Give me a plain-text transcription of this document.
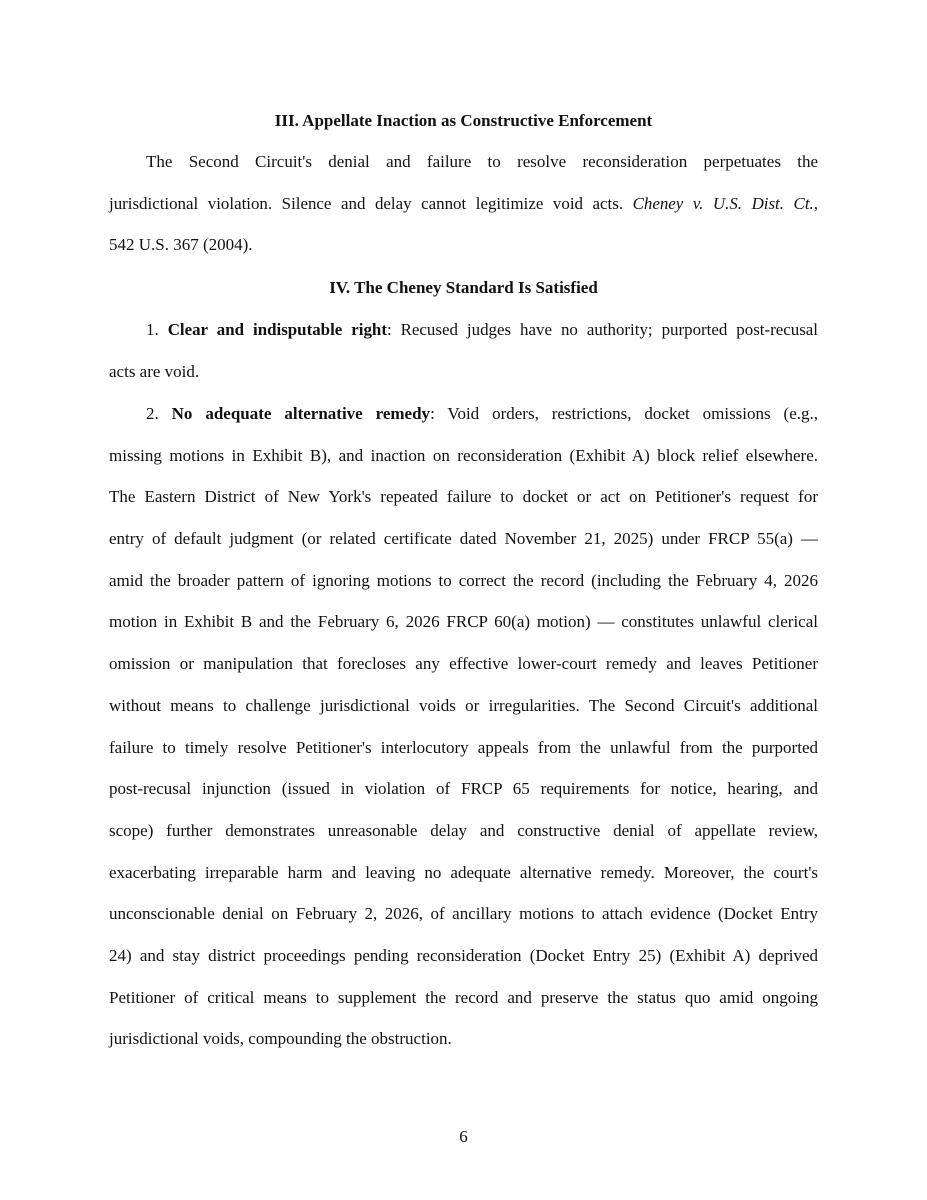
III. Appellate Inaction as Constructive Enforcement
The Second Circuit's denial and failure to resolve reconsideration perpetuates the
jurisdictional violation. Silence and delay cannot legitimize void acts. Cheney v. U.S. Dist. Ct.,
542 U.S. 367 (2004).
IV. The Cheney Standard Is Satisfied
1. Clear and indisputable right: Recused judges have no authority; purported post-recusal
acts are void.
2. No adequate alternative remedy: Void orders, restrictions, docket omissions (e.g.,
missing motions in Exhibit B), and inaction on reconsideration (Exhibit A) block relief elsewhere.
The Eastern District of New York's repeated failure to docket or act on Petitioner's request for
entry of default judgment (or related certificate dated November 21, 2025) under FRCP 55(a) —
amid the broader pattern of ignoring motions to correct the record (including the February 4, 2026
motion in Exhibit B and the February 6, 2026 FRCP 60(a) motion) — constitutes unlawful clerical
omission or manipulation that forecloses any effective lower-court remedy and leaves Petitioner
without means to challenge jurisdictional voids or irregularities. The Second Circuit's additional
failure to timely resolve Petitioner's interlocutory appeals from the unlawful from the purported
post-recusal injunction (issued in violation of FRCP 65 requirements for notice, hearing, and
scope) further demonstrates unreasonable delay and constructive denial of appellate review,
exacerbating irreparable harm and leaving no adequate alternative remedy. Moreover, the court's
unconscionable denial on February 2, 2026, of ancillary motions to attach evidence (Docket Entry
24) and stay district proceedings pending reconsideration (Docket Entry 25) (Exhibit A) deprived
Petitioner of critical means to supplement the record and preserve the status quo amid ongoing
jurisdictional voids, compounding the obstruction.
6
